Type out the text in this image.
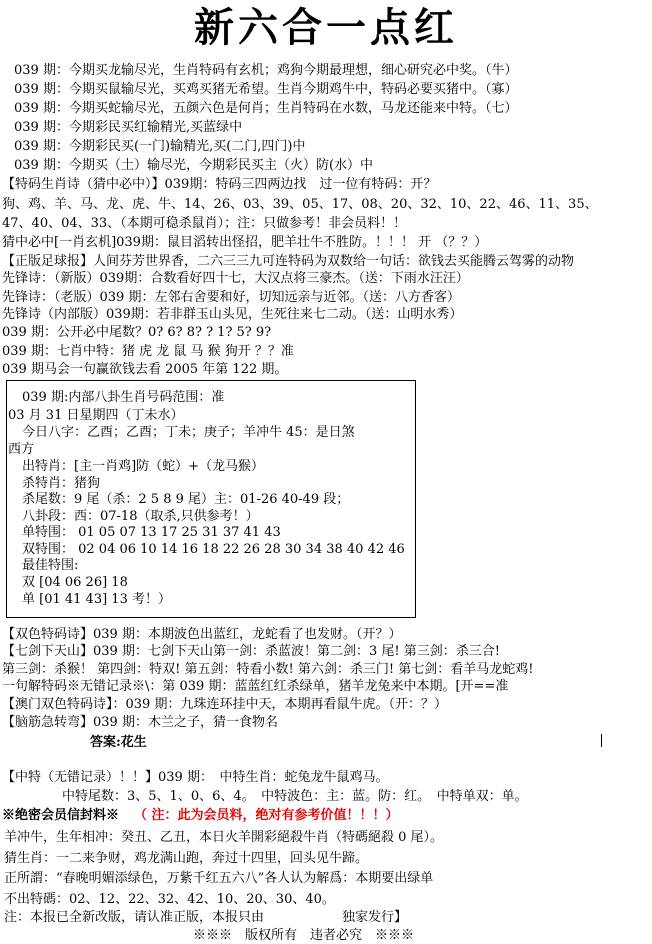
新六合一点红
039 期：今期买龙输尽光，生肖特码有玄机；鸡狗今期最理想，细心研究必中奖。（牛）
039 期：今期买鼠输尽光，买鸡买猪无希望。生肖今期鸡牛中，特码必要买猪中。（寡）
039 期：今期买蛇输尽光，五颜六色是何肖；生肖特码在水数，马龙还能来中特。（七）
039 期：今期彩民买红输精光,买蓝绿中
039 期：今期彩民买(一门)输精光,买(二门,四门)中
039 期：今期买（土）输尽光，今期彩民买主（火）防(水）中
【特码生肖诗（猜中必中）】039期：特码三四两边找　过一位有特码：开？
狗、鸡、羊、马、龙、虎、牛、14、26、03、39、05、17、08、20、32、10、22、46、11、35、
47、40、04、33、（本期可稳杀鼠肖）；注：只做参考！非会员料！！
猜中必中[一肖玄机]039期：鼠目滔转出怪招，肥羊壮牛不胜防。！！！ 开 （？？）
【正版足球报】人间芬芳世界香，二六三三九可连特码为双数给一句话：欲钱去买能腾云驾雾的动物
先锋诗：（新版）039期：合数看好四十七，大汉点将三豪杰。（送：下雨水汪汪）
先锋诗：（老版）039 期：左邻右舍要和好，切知远亲与近邻。（送：八方香客）
先锋诗（内部版）039期：若非群玉山头见，生死往来七二动。（送：山明水秀）
039 期：公开必中尾数？0? 6? 8? ? 1? 5? 9?
039 期：七肖中特：猪 虎 龙 鼠 马 猴 狗开 ？？准
039 期马会一句赢欲钱去看 2005 年第 122 期。
039 期:内部八卦生肖号码范围：准
03 月 31 日星期四（丁未水）
今日八字：乙酉；乙酉；丁未；庚子；羊冲牛 45：是日煞
西方
出特肖：[主一肖鸡]防（蛇）+（龙马猴）
杀特肖：猪狗
杀尾数：9 尾（杀：2 5 8 9 尾）主：01-26 40-49 段；
八卦段：西：07-18（取杀,只供参考！）
单特围： 01 05 07 13 17 25 31 37 41 43
双特围： 02 04 06 10 14 16 18 22 26 28 30 34 38 40 42 46
最佳特围:
双 [04 06 26] 18
单 [01 41 43] 13 考！）
【双色特码诗】039 期：本期波色出蓝红，龙蛇看了也发财。（开？）
【七剑下天山】039 期：七剑下天山第一剑：杀蓝波！第二剑：3 尾! 第三剑：杀三合!
第三剑：杀猴！ 第四剑：特双! 第五剑：特看小数! 第六剑：杀三门! 第七剑：看羊马龙蛇鸡!
一句解特码※无错记录※\：第 039 期：蓝蓝红红杀绿单，猪羊龙兔来中本期。[开==准
【澳门双色特码诗】：039 期：九珠连环挂中天，本期再看鼠牛虎。（开：？）
【脑筋急转弯】039 期：木兰之子，猜一食物名
答案:花生
【中特（无错记录）！！】039 期：　中特生肖：蛇兔龙牛鼠鸡马。
中特尾数：3、5、1、0、6、4。　中特波色：主：蓝。防：红。　中特单双：单。
※绝密会员信封料※ （ 注：此为会员料，绝对有参考价值！！！）
羊冲牛，生年相冲：癸丑、乙丑，本日火羊開彩絕殺牛肖（特碼絕殺 0 尾）。
猜生肖：一二来争财，鸡龙满山跑，奔过十四里，回头见牛蹄。
正所謂：“春晚明媚添绿色，万紫千红五六八”各人认为解爲：本期要出绿单
不出特碼：02、12、22、32、42、10、20、30、40。
注：本报已全新改版，请认准正版，本报只由　　　　　　独家发行】
※※※　版权所有　违者必究　※※※
